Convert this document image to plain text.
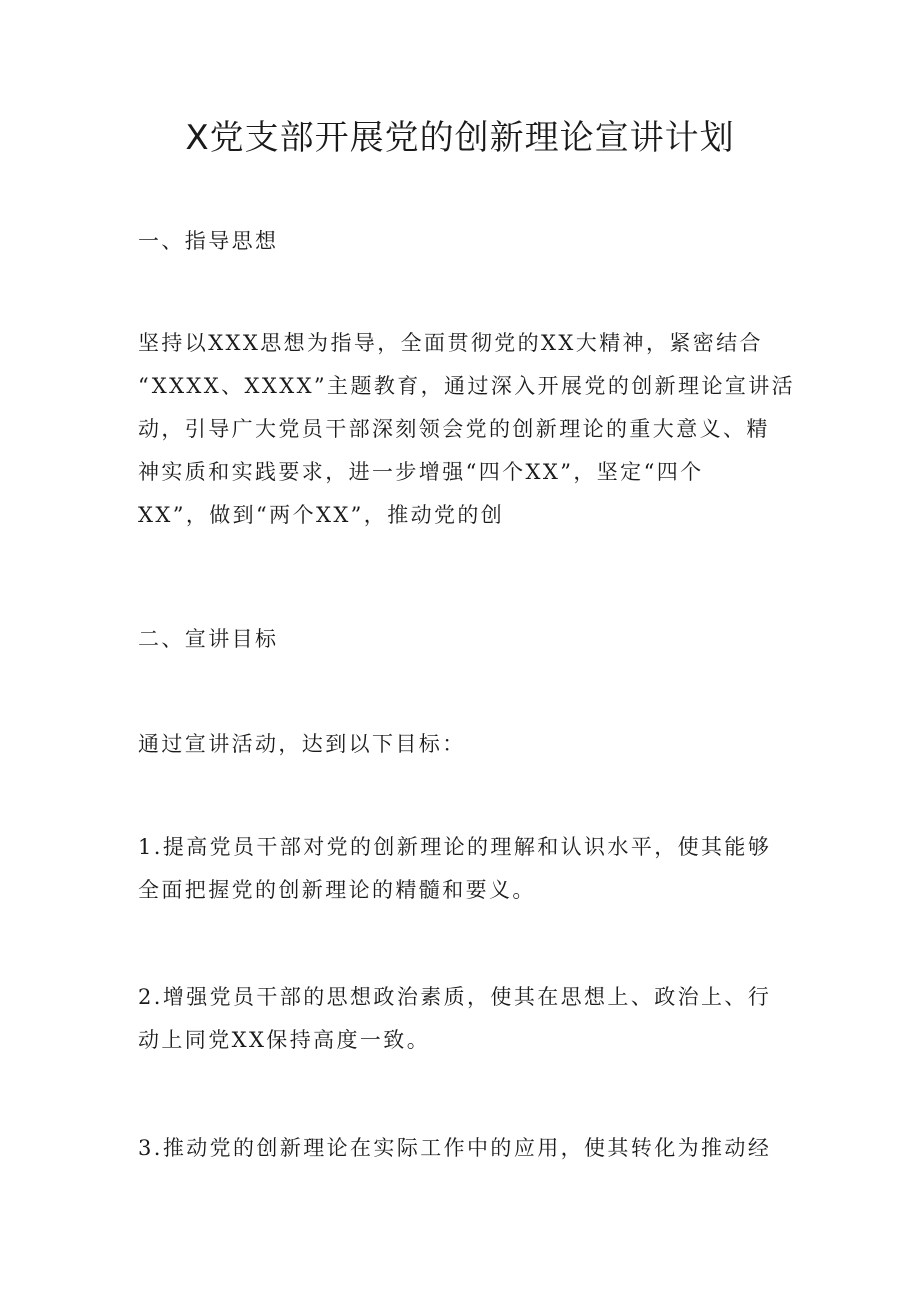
X党支部开展党的创新理论宣讲计划
一、指导思想

坚持以XXX思想为指导，全面贯彻党的XX大精神，紧密结合

“XXXX、XXXX”主题教育，通过深入开展党的创新理论宣讲活

动，引导广大党员干部深刻领会党的创新理论的重大意义、精

神实质和实践要求，进一步增强“四个XX”，坚定“四个

XX”，做到“两个XX”，推动党的创

二、宣讲目标

通过宣讲活动，达到以下目标：

1.提高党员干部对党的创新理论的理解和认识水平，使其能够

全面把握党的创新理论的精髓和要义。

2.增强党员干部的思想政治素质，使其在思想上、政治上、行

动上同党XX保持高度一致。

3.推动党的创新理论在实际工作中的应用，使其转化为推动经
